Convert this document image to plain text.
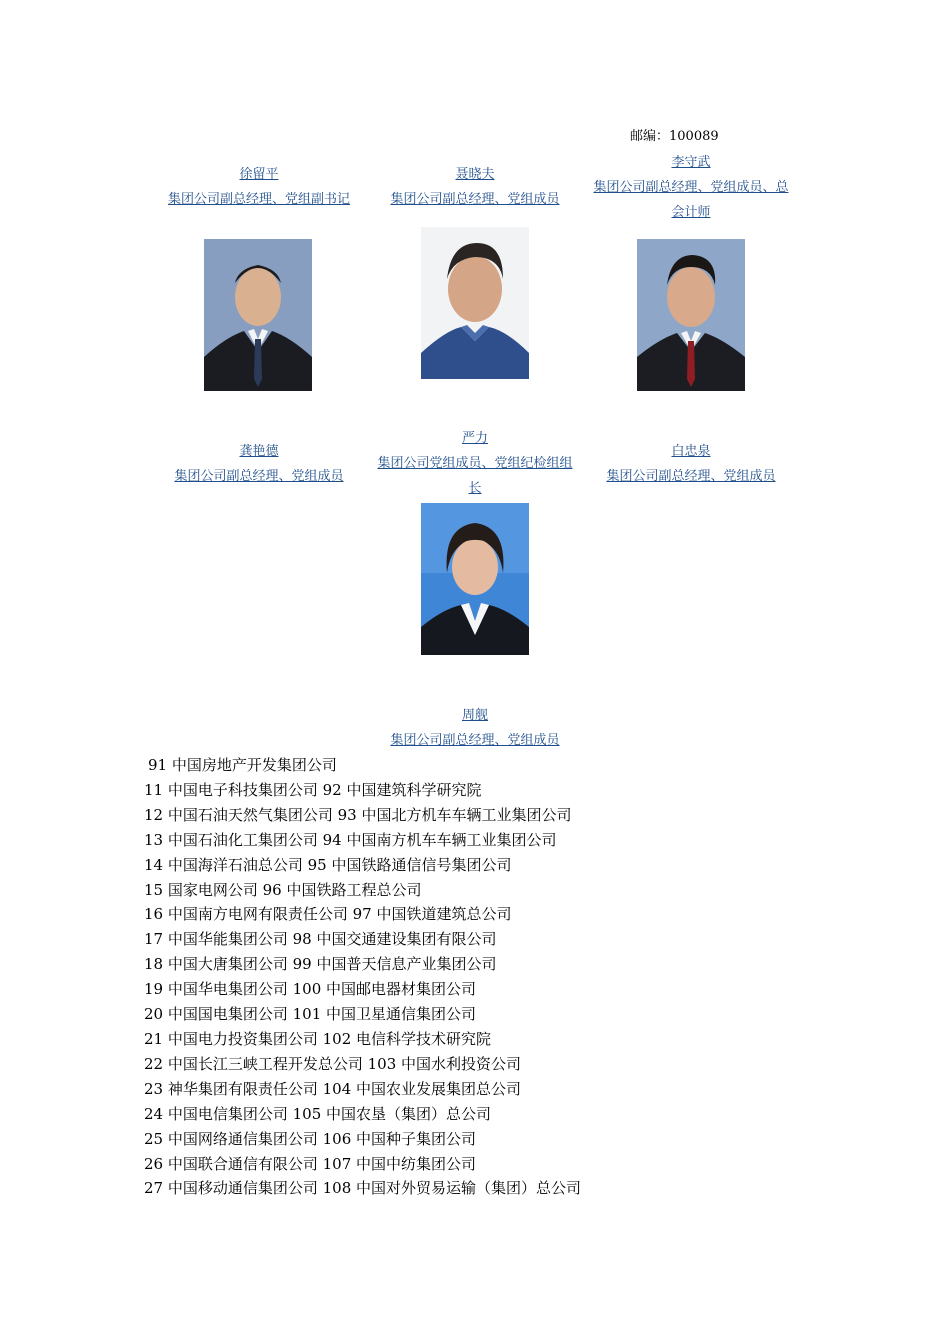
邮编：100089
徐留平
集团公司副总经理、党组副书记
聂晓夫
集团公司副总经理、党组成员
李守武
集团公司副总经理、党组成员、总
会计师
龚艳德
集团公司副总经理、党组成员
严力
集团公司党组成员、党组纪检组组
长
白忠泉
集团公司副总经理、党组成员
周舰
集团公司副总经理、党组成员
91 中国房地产开发集团公司
11 中国电子科技集团公司 92 中国建筑科学研究院
12 中国石油天然气集团公司 93 中国北方机车车辆工业集团公司
13 中国石油化工集团公司 94 中国南方机车车辆工业集团公司
14 中国海洋石油总公司 95 中国铁路通信信号集团公司
15 国家电网公司 96 中国铁路工程总公司
16 中国南方电网有限责任公司 97 中国铁道建筑总公司
17 中国华能集团公司 98 中国交通建设集团有限公司
18 中国大唐集团公司 99 中国普天信息产业集团公司
19 中国华电集团公司 100 中国邮电器材集团公司
20 中国国电集团公司 101 中国卫星通信集团公司
21 中国电力投资集团公司 102 电信科学技术研究院
22 中国长江三峡工程开发总公司 103 中国水利投资公司
23 神华集团有限责任公司 104 中国农业发展集团总公司
24 中国电信集团公司 105 中国农垦（集团）总公司
25 中国网络通信集团公司 106 中国种子集团公司
26 中国联合通信有限公司 107 中国中纺集团公司
27 中国移动通信集团公司 108 中国对外贸易运输（集团）总公司
